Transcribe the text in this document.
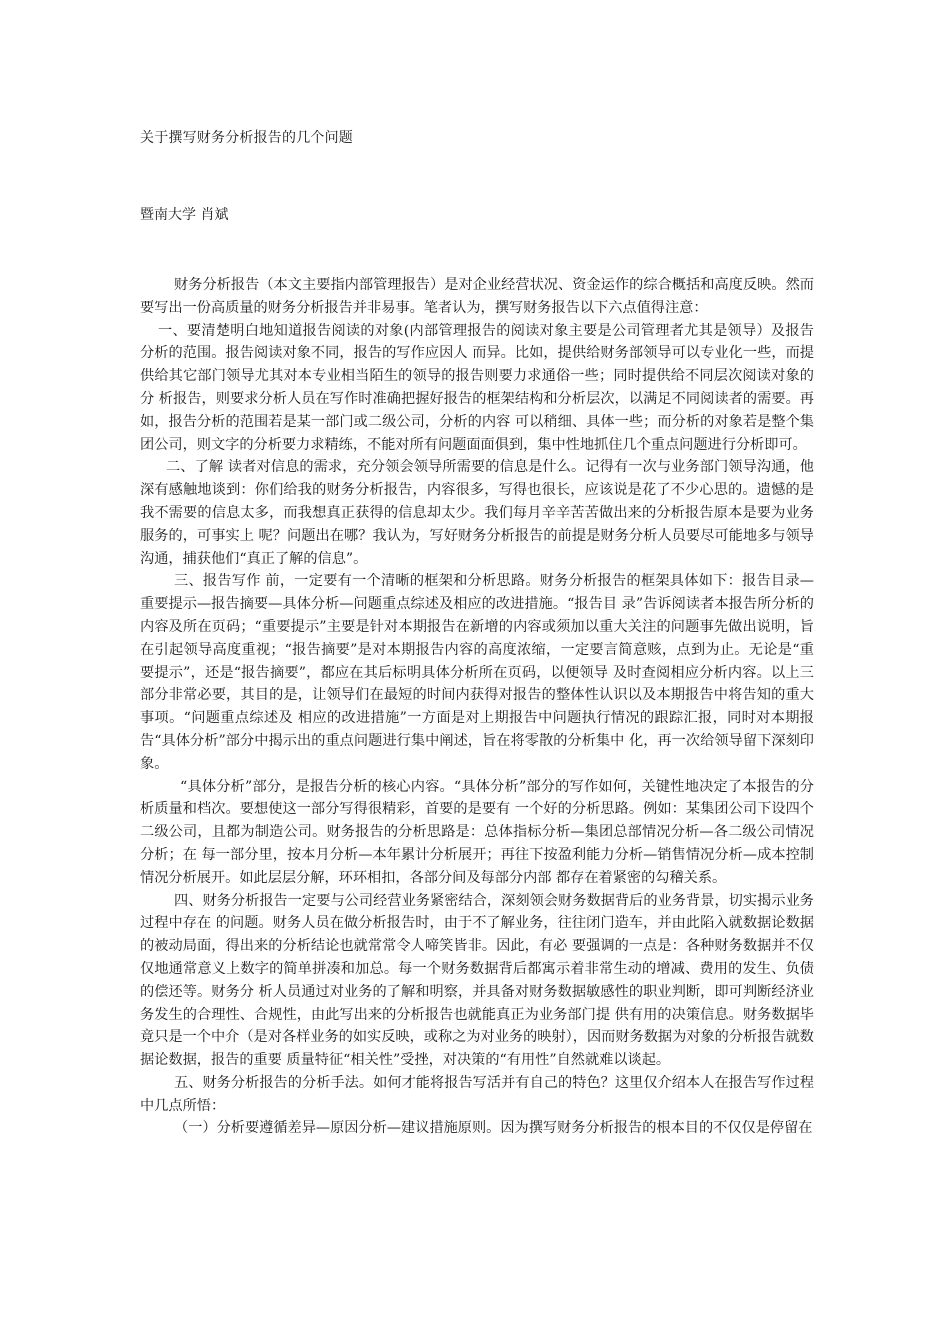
关于撰写财务分析报告的几个问题
暨南大学 肖斌

财务分析报告（本文主要指内部管理报告）是对企业经营状况、资金运作的综合概括和高度反映。然而要写出一份高质量的财务分析报告并非易事。笔者认为，撰写财务报告以下六点值得注意：

一、要清楚明白地知道报告阅读的对象(内部管理报告的阅读对象主要是公司管理者尤其是领导）及报告分析的范围。报告阅读对象不同，报告的写作应因人 而异。比如，提供给财务部领导可以专业化一些，而提供给其它部门领导尤其对本专业相当陌生的领导的报告则要力求通俗一些；同时提供给不同层次阅读对象的分 析报告，则要求分析人员在写作时准确把握好报告的框架结构和分析层次，以满足不同阅读者的需要。再如，报告分析的范围若是某一部门或二级公司，分析的内容 可以稍细、具体一些；而分析的对象若是整个集团公司，则文字的分析要力求精练，不能对所有问题面面俱到，集中性地抓住几个重点问题进行分析即可。

二、了解 读者对信息的需求，充分领会领导所需要的信息是什么。记得有一次与业务部门领导沟通，他深有感触地谈到：你们给我的财务分析报告，内容很多，写得也很长，应该说是花了不少心思的。遗憾的是我不需要的信息太多，而我想真正获得的信息却太少。我们每月辛辛苦苦做出来的分析报告原本是要为业务服务的，可事实上 呢？问题出在哪？我认为，写好财务分析报告的前提是财务分析人员要尽可能地多与领导沟通，捕获他们“真正了解的信息”。

三、报告写作 前，一定要有一个清晰的框架和分析思路。财务分析报告的框架具体如下：报告目录—重要提示—报告摘要—具体分析—问题重点综述及相应的改进措施。“报告目 录”告诉阅读者本报告所分析的内容及所在页码；“重要提示”主要是针对本期报告在新增的内容或须加以重大关注的问题事先做出说明，旨在引起领导高度重视；“报告摘要”是对本期报告内容的高度浓缩，一定要言简意赅，点到为止。无论是“重要提示”，还是“报告摘要”，都应在其后标明具体分析所在页码，以便领导 及时查阅相应分析内容。以上三部分非常必要，其目的是，让领导们在最短的时间内获得对报告的整体性认识以及本期报告中将告知的重大事项。“问题重点综述及 相应的改进措施”一方面是对上期报告中问题执行情况的跟踪汇报，同时对本期报告“具体分析”部分中揭示出的重点问题进行集中阐述，旨在将零散的分析集中 化，再一次给领导留下深刻印象。

“具体分析”部分，是报告分析的核心内容。“具体分析”部分的写作如何，关键性地决定了本报告的分析质量和档次。要想使这一部分写得很精彩，首要的是要有 一个好的分析思路。例如：某集团公司下设四个二级公司，且都为制造公司。财务报告的分析思路是：总体指标分析—集团总部情况分析—各二级公司情况分析；在 每一部分里，按本月分析—本年累计分析展开；再往下按盈利能力分析—销售情况分析—成本控制情况分析展开。如此层层分解，环环相扣，各部分间及每部分内部 都存在着紧密的勾稽关系。

四、财务分析报告一定要与公司经营业务紧密结合，深刻领会财务数据背后的业务背景，切实揭示业务过程中存在 的问题。财务人员在做分析报告时，由于不了解业务，往往闭门造车，并由此陷入就数据论数据的被动局面，得出来的分析结论也就常常令人啼笑皆非。因此，有必 要强调的一点是：各种财务数据并不仅仅地通常意义上数字的简单拼凑和加总。每一个财务数据背后都寓示着非常生动的增减、费用的发生、负债的偿还等。财务分 析人员通过对业务的了解和明察，并具备对财务数据敏感性的职业判断，即可判断经济业务发生的合理性、合规性，由此写出来的分析报告也就能真正为业务部门提 供有用的决策信息。财务数据毕竟只是一个中介（是对各样业务的如实反映，或称之为对业务的映射），因而财务数据为对象的分析报告就数据论数据，报告的重要 质量特征“相关性”受挫，对决策的“有用性”自然就难以谈起。

五、财务分析报告的分析手法。如何才能将报告写活并有自己的特色？这里仅介绍本人在报告写作过程中几点所悟：

（一）分析要遵循差异—原因分析—建议措施原则。因为撰写财务分析报告的根本目的不仅仅是停留在
